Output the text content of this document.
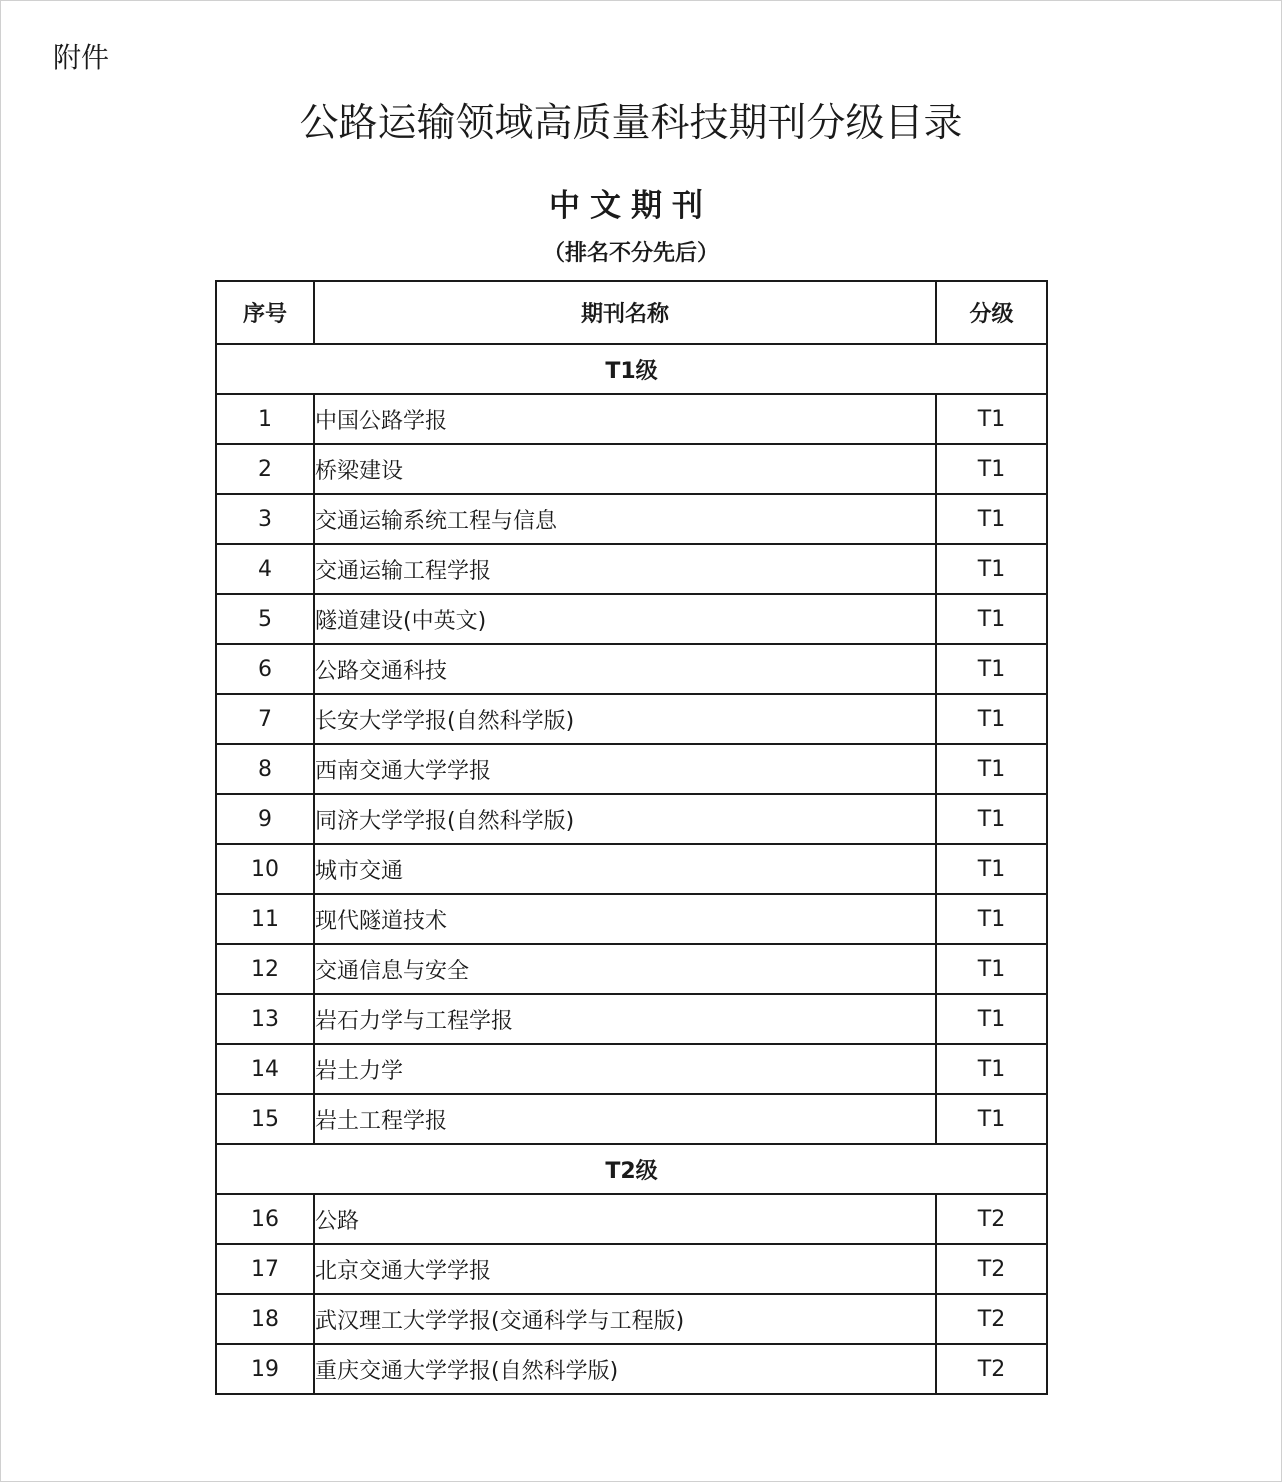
附件
公路运输领域高质量科技期刊分级目录
中文期刊
（排名不分先后）
序号	期刊名称	分级
T1级		
1	中国公路学报	T1
2	桥梁建设	T1
3	交通运输系统工程与信息	T1
4	交通运输工程学报	T1
5	隧道建设(中英文)	T1
6	公路交通科技	T1
7	长安大学学报(自然科学版)	T1
8	西南交通大学学报	T1
9	同济大学学报(自然科学版)	T1
10	城市交通	T1
11	现代隧道技术	T1
12	交通信息与安全	T1
13	岩石力学与工程学报	T1
14	岩土力学	T1
15	岩土工程学报	T1
T2级		
16	公路	T2
17	北京交通大学学报	T2
18	武汉理工大学学报(交通科学与工程版)	T2
19	重庆交通大学学报(自然科学版)	T2
